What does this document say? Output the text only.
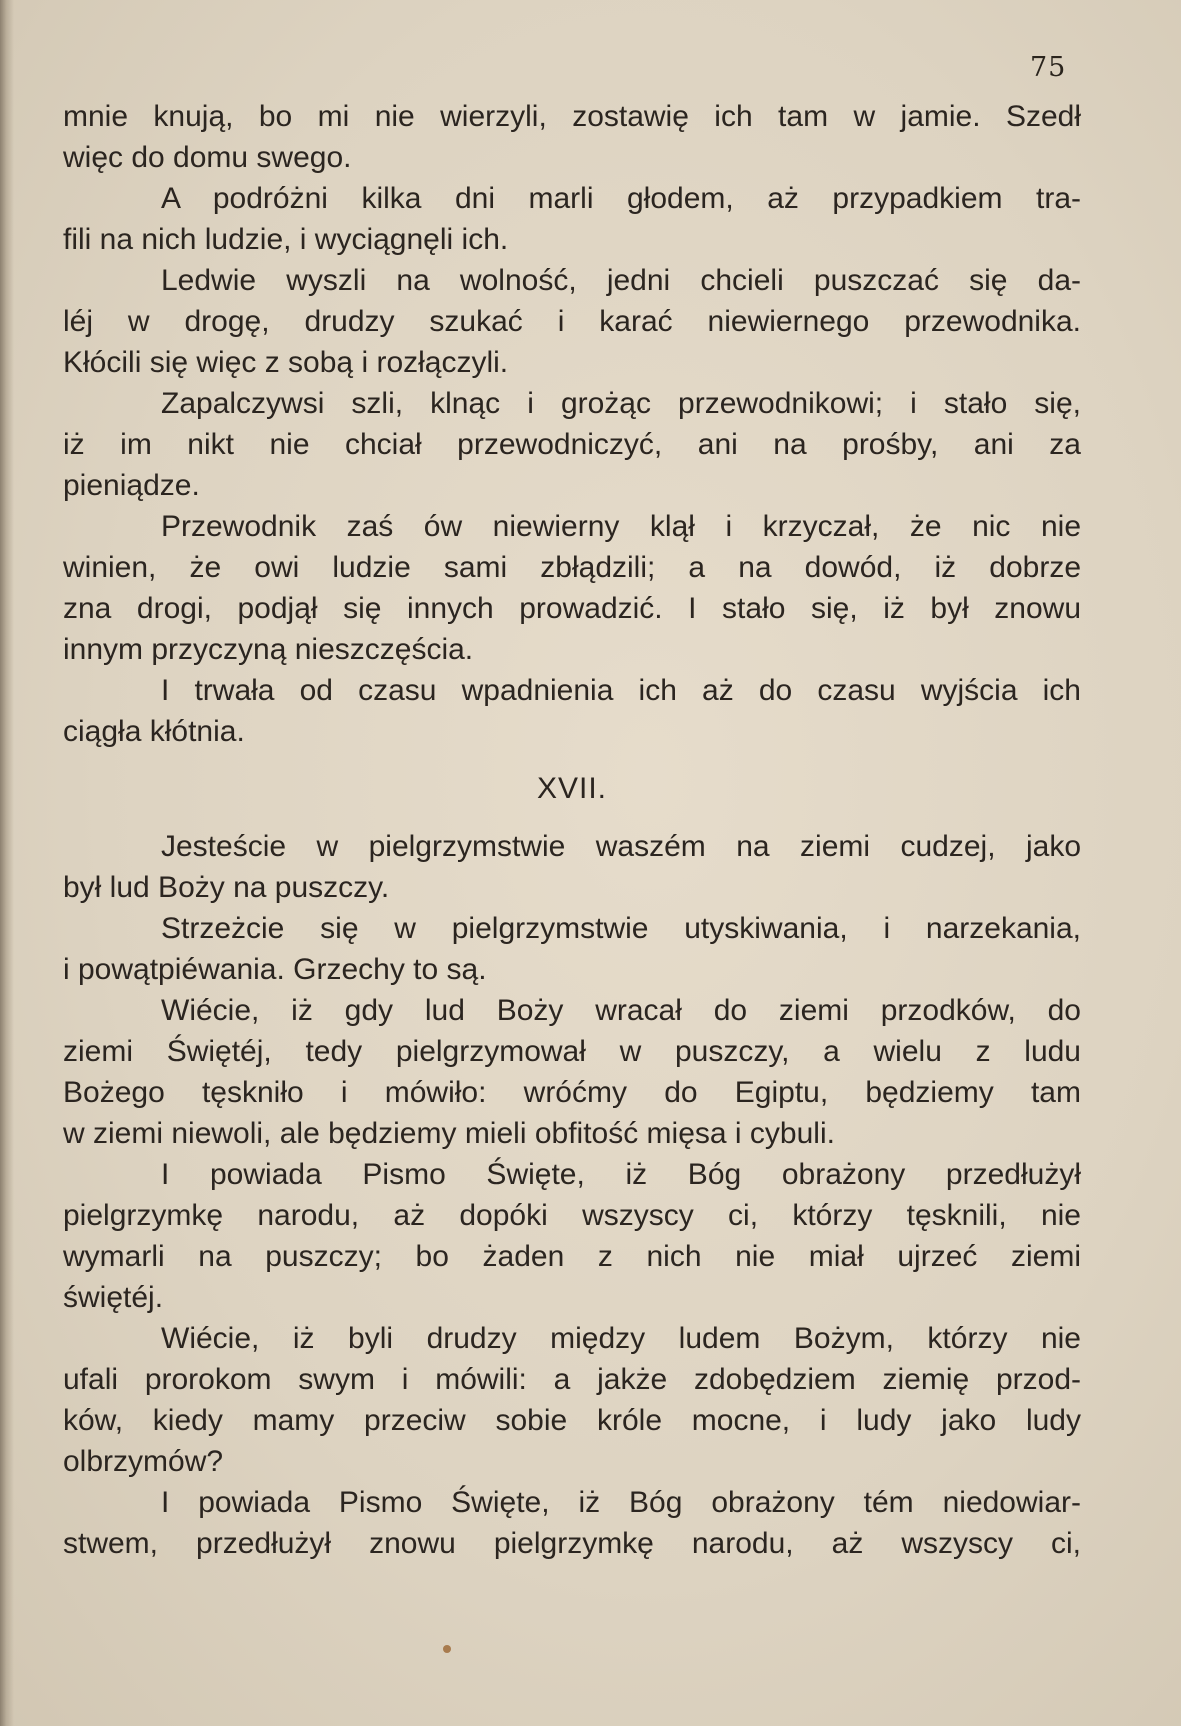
75
mnie knują, bo mi nie wierzyli, zostawię ich tam w jamie. Szedł
więc do domu swego.
A podróżni kilka dni marli głodem, aż przypadkiem tra-
fili na nich ludzie, i wyciągnęli ich.
Ledwie wyszli na wolność, jedni chcieli puszczać się da-
léj w drogę, drudzy szukać i karać niewiernego przewodnika.
Kłócili się więc z sobą i rozłączyli.
Zapalczywsi szli, klnąc i grożąc przewodnikowi; i stało się,
iż im nikt nie chciał przewodniczyć, ani na prośby, ani za
pieniądze.
Przewodnik zaś ów niewierny klął i krzyczał, że nic nie
winien, że owi ludzie sami zbłądzili; a na dowód, iż dobrze
zna drogi, podjął się innych prowadzić. I stało się, iż był znowu
innym przyczyną nieszczęścia.
I trwała od czasu wpadnienia ich aż do czasu wyjścia ich
ciągła kłótnia.
XVII.
Jesteście w pielgrzymstwie waszém na ziemi cudzej, jako
był lud Boży na puszczy.
Strzeżcie się w pielgrzymstwie utyskiwania, i narzekania,
i powątpiéwania. Grzechy to są.
Wiécie, iż gdy lud Boży wracał do ziemi przodków, do
ziemi Świętéj, tedy pielgrzymował w puszczy, a wielu z ludu
Bożego tęskniło i mówiło: wróćmy do Egiptu, będziemy tam
w ziemi niewoli, ale będziemy mieli obfitość mięsa i cybuli.
I powiada Pismo Święte, iż Bóg obrażony przedłużył
pielgrzymkę narodu, aż dopóki wszyscy ci, którzy tęsknili, nie
wymarli na puszczy; bo żaden z nich nie miał ujrzeć ziemi
świętéj.
Wiécie, iż byli drudzy między ludem Bożym, którzy nie
ufali prorokom swym i mówili: a jakże zdobędziem ziemię przod-
ków, kiedy mamy przeciw sobie króle mocne, i ludy jako ludy
olbrzymów?
I powiada Pismo Święte, iż Bóg obrażony tém niedowiar-
stwem, przedłużył znowu pielgrzymkę narodu, aż wszyscy ci,
